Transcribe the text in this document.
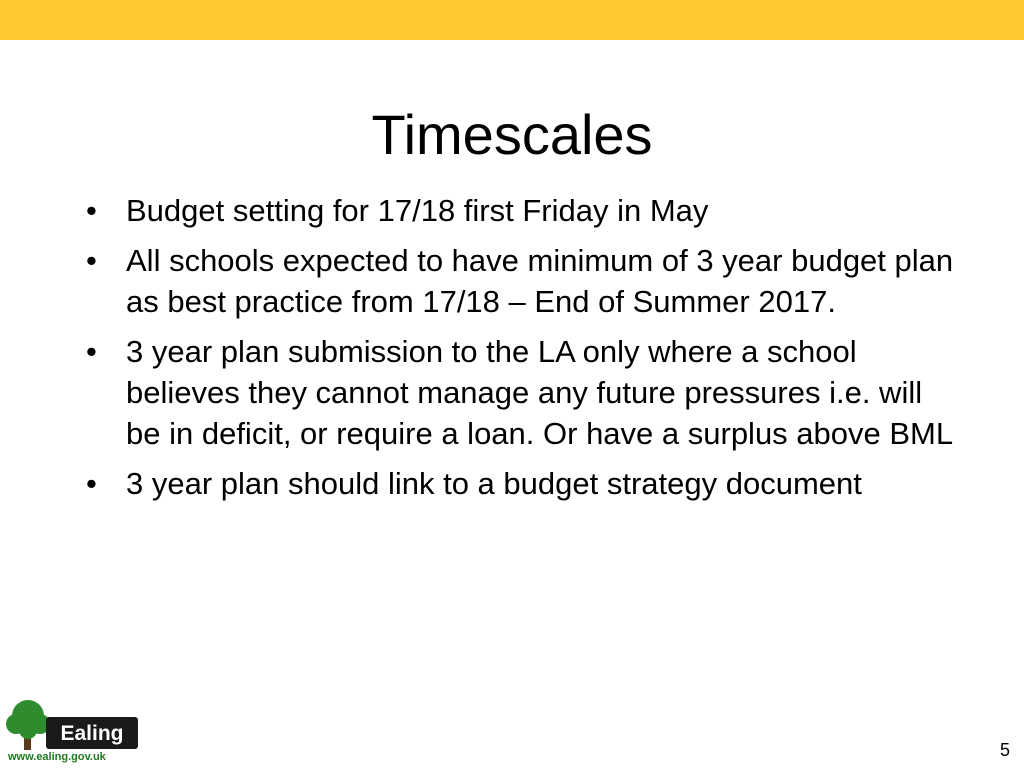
Timescales
• Budget setting for 17/18 first Friday in May
• All schools expected to have minimum of 3 year budget plan as best practice from 17/18 – End of Summer 2017.
• 3 year plan submission to the LA only where a school believes they cannot manage any future pressures i.e. will be in deficit, or require a loan. Or have a surplus above BML
• 3 year plan should link to a budget strategy document
Ealing
www.ealing.gov.uk	5
